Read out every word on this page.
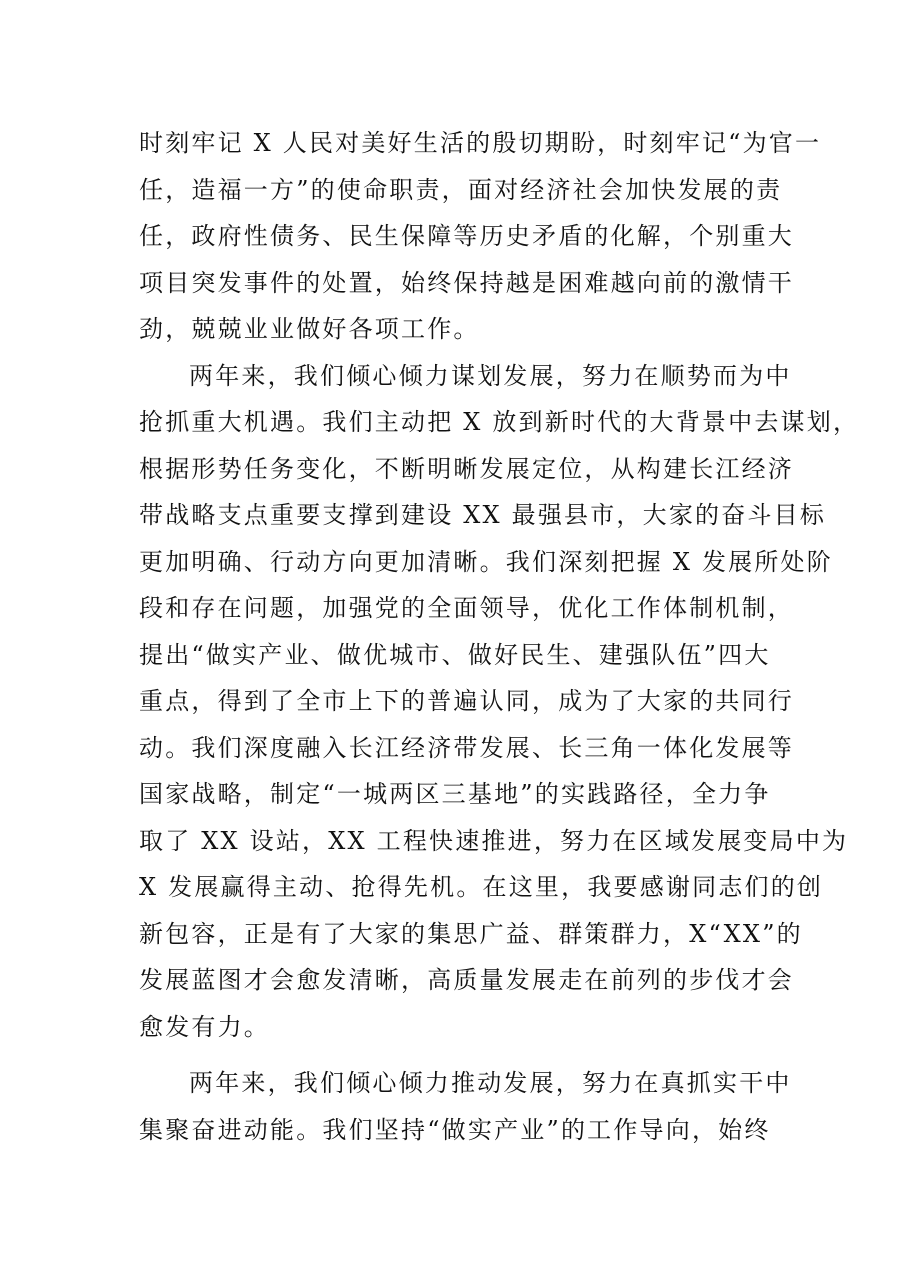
时刻牢记 X 人民对美好生活的殷切期盼，时刻牢记“为官一
任，造福一方”的使命职责，面对经济社会加快发展的责
任，政府性债务、民生保障等历史矛盾的化解，个别重大
项目突发事件的处置，始终保持越是困难越向前的激情干
劲，兢兢业业做好各项工作。

两年来，我们倾心倾力谋划发展，努力在顺势而为中
抢抓重大机遇。我们主动把 X 放到新时代的大背景中去谋划，
根据形势任务变化，不断明晰发展定位，从构建长江经济
带战略支点重要支撑到建设 XX 最强县市，大家的奋斗目标
更加明确、行动方向更加清晰。我们深刻把握 X 发展所处阶
段和存在问题，加强党的全面领导，优化工作体制机制，
提出“做实产业、做优城市、做好民生、建强队伍”四大
重点，得到了全市上下的普遍认同，成为了大家的共同行
动。我们深度融入长江经济带发展、长三角一体化发展等
国家战略，制定“一城两区三基地”的实践路径，全力争
取了 XX 设站，XX 工程快速推进，努力在区域发展变局中为
X 发展赢得主动、抢得先机。在这里，我要感谢同志们的创
新包容，正是有了大家的集思广益、群策群力，X“XX”的
发展蓝图才会愈发清晰，高质量发展走在前列的步伐才会
愈发有力。

两年来，我们倾心倾力推动发展，努力在真抓实干中
集聚奋进动能。我们坚持“做实产业”的工作导向，始终
